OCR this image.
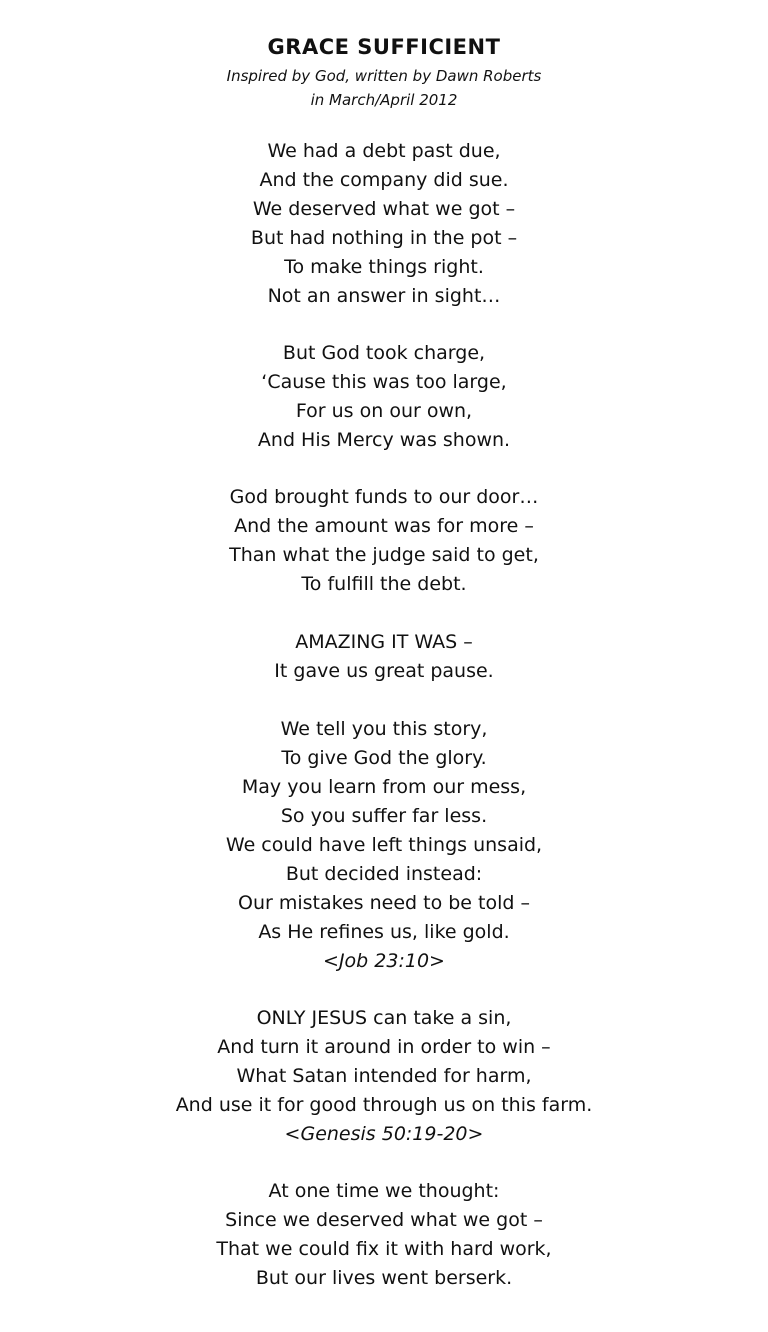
GRACE SUFFICIENT
Inspired by God, written by Dawn Roberts
in March/April 2012
We had a debt past due,
And the company did sue.
We deserved what we got –
But had nothing in the pot –
To make things right.
Not an answer in sight…
But God took charge,
‘Cause this was too large,
For us on our own,
And His Mercy was shown.
God brought funds to our door…
And the amount was for more –
Than what the judge said to get,
To fulfill the debt.
AMAZING IT WAS –
It gave us great pause.
We tell you this story,
To give God the glory.
May you learn from our mess,
So you suffer far less.
We could have left things unsaid,
But decided instead:
Our mistakes need to be told –
As He refines us, like gold.
<Job 23:10>
ONLY JESUS can take a sin,
And turn it around in order to win –
What Satan intended for harm,
And use it for good through us on this farm.
<Genesis 50:19-20>
At one time we thought:
Since we deserved what we got –
That we could fix it with hard work,
But our lives went berserk.
